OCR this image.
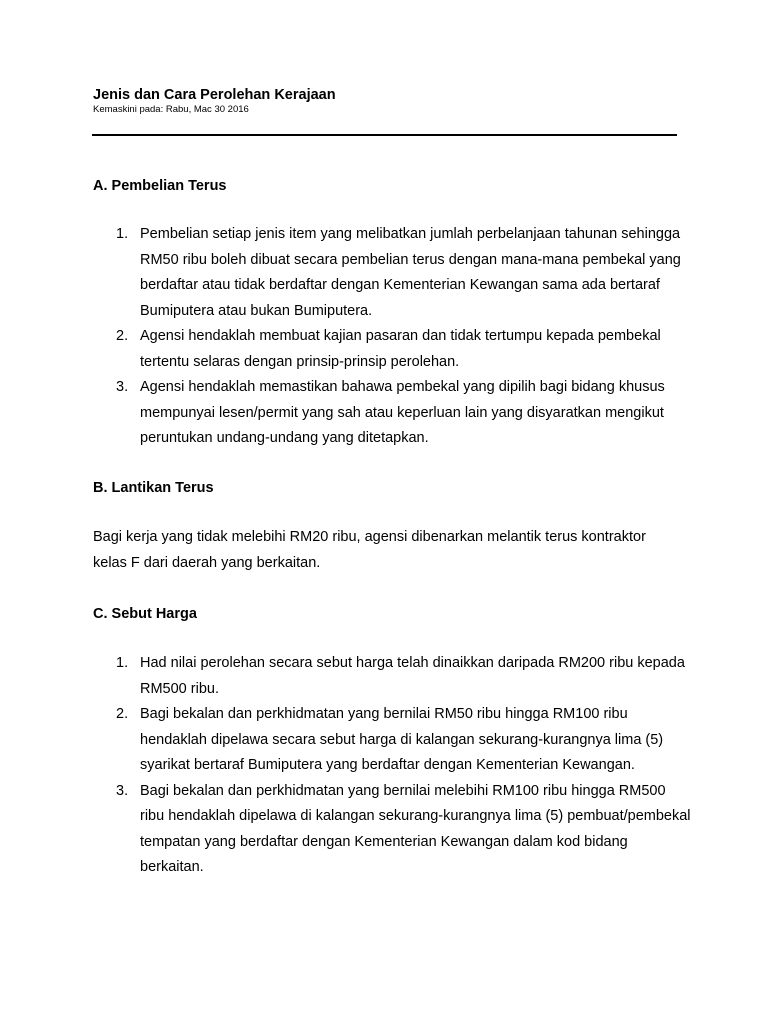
Jenis dan Cara Perolehan Kerajaan
Kemaskini pada: Rabu, Mac 30 2016
A. Pembelian Terus
1. Pembelian setiap jenis item yang melibatkan jumlah perbelanjaan tahunan sehingga RM50 ribu boleh dibuat secara pembelian terus dengan mana-mana pembekal yang berdaftar atau tidak berdaftar dengan Kementerian Kewangan sama ada bertaraf Bumiputera atau bukan Bumiputera.
2. Agensi hendaklah membuat kajian pasaran dan tidak tertumpu kepada pembekal tertentu selaras dengan prinsip-prinsip perolehan.
3. Agensi hendaklah memastikan bahawa pembekal yang dipilih bagi bidang khusus mempunyai lesen/permit yang sah atau keperluan lain yang disyaratkan mengikut peruntukan undang-undang yang ditetapkan.
B. Lantikan Terus

Bagi kerja yang tidak melebihi RM20 ribu, agensi dibenarkan melantik terus kontraktor kelas F dari daerah yang berkaitan.

C. Sebut Harga
1. Had nilai perolehan secara sebut harga telah dinaikkan daripada RM200 ribu kepada RM500 ribu.
2. Bagi bekalan dan perkhidmatan yang bernilai RM50 ribu hingga RM100 ribu hendaklah dipelawa secara sebut harga di kalangan sekurang-kurangnya lima (5) syarikat bertaraf Bumiputera yang berdaftar dengan Kementerian Kewangan.
3. Bagi bekalan dan perkhidmatan yang bernilai melebihi RM100 ribu hingga RM500 ribu hendaklah dipelawa di kalangan sekurang-kurangnya lima (5) pembuat/pembekal tempatan yang berdaftar dengan Kementerian Kewangan dalam kod bidang berkaitan.
